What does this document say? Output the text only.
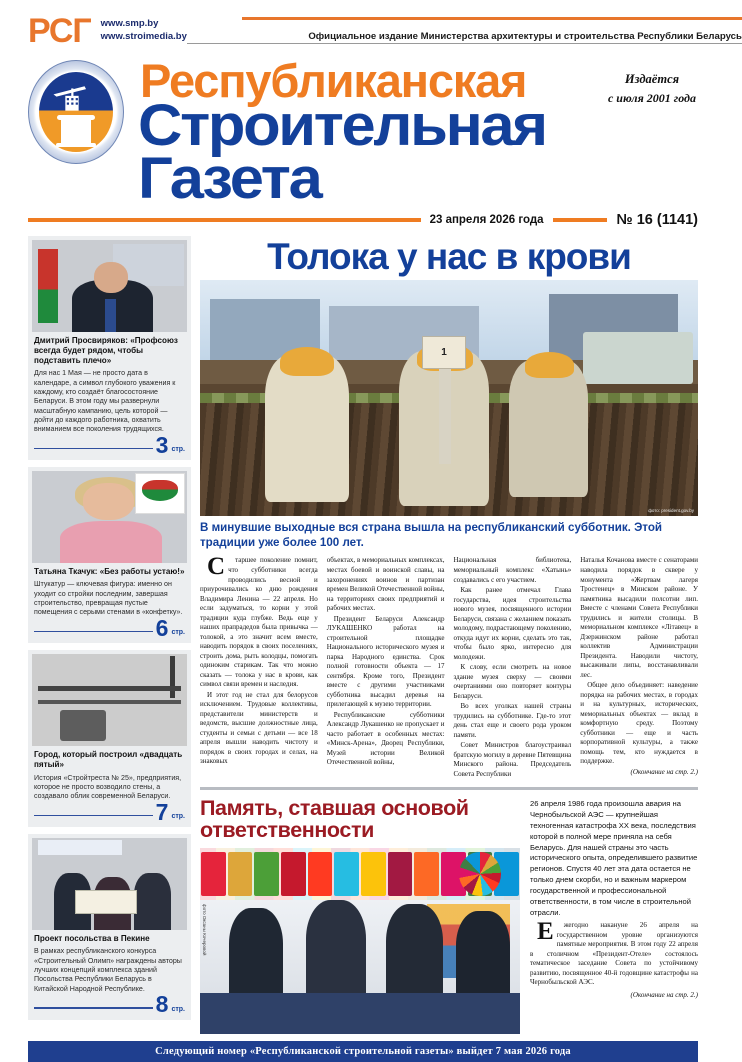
РСГ www.smp.by
www.stroimedia.by	Официальное издание Министерства архитектуры и строительства Республики Беларусь
Республиканская
Строительная Газета
Издаётся
с июля 2001 года
23 апреля 2026 года	№ 16 (1141)
Дмитрий Просвиряков: «Профсоюз всегда будет рядом, чтобы подставить плечо»
Для нас 1 Мая — не просто дата в календаре, а символ глубокого уважения к каждому, кто создаёт благосостояние Беларуси. В этом году мы развернули масштабную кампанию, цель которой — дойти до каждого работника, охватить вниманием все поколения трудящихся.
3 стр.
Татьяна Ткачук: «Без работы устаю!»
Штукатур — ключевая фигура: именно он уходит со стройки последним, завершая строительство, превращая пустые помещения с серыми стенами в «конфетку».
6 стр.
Город, который построил «двадцать пятый»
История «Стройтреста № 25», предприятия, которое не просто возводило стены, а создавало облик современной Беларуси.
7 стр.
Проект посольства в Пекине
В рамках республиканского конкурса «Строительный Олимп» награждены авторы лучших концепций комплекса зданий Посольства Республики Беларусь в Китайской Народной Республике.
8 стр.
Толока у нас в крови
1
фото: president.gov.by
В минувшие выходные вся страна вышла на республиканский субботник. Этой традиции уже более 100 лет.

Старшее поколение помнит, что субботники всегда проводились весной и приурочивались ко дню рождения Владимира Ленина — 22 апреля. Но если задуматься, то корни у этой традиции куда глубже. Ведь еще у наших прапрадедов была привычка — толокой, а это значит всем вместе, наводить порядок в своих поселениях, строить дома, рыть колодцы, помогать одиноким старикам. Так что можно сказать — толока у нас в крови, как символ связи времен и наследия.

И этот год не стал для белорусов исключением. Трудовые коллективы, представители министерств и ведомств, высшие должностные лица, студенты и семьи с детьми — все 18 апреля вышли наводить чистоту и порядок в своих городах и селах, на знаковых

объектах, в мемориальных комплексах, местах боевой и воинской славы, на захоронениях воинов и партизан времен Великой Отечественной войны, на территориях своих предприятий и рабочих местах.

Президент Беларуси Александр ЛУКАШЕНКО работал на строительной площадке Национального исторического музея и парка Народного единства. Срок полной готовности объекта — 17 сентября. Кроме того, Президент вместе с другими участниками субботника высадил деревья на прилегающей к музею территории.

Республиканские субботники Александр Лукашенко не пропускает и часто работает в особенных местах: «Минск-Арена», Дворец Республики, Музей истории Великой Отечественной войны,

Национальная библиотека, мемориальный комплекс «Хатынь» создавались с его участием.

Как ранее отмечал Глава государства, идея строительства нового музея, посвященного истории Беларуси, связана с желанием показать молодому, подрастающему поколению, откуда идут их корни, сделать это так, чтобы было ярко, интересно для молодежи.

К слову, если смотреть на новое здание музея сверху — своими очертаниями оно повторяет контуры Беларуси.

Во всех уголках нашей страны трудились на субботнике. Где-то этот день стал еще и своего рода уроком памяти.

Совет Министров благоустраивал братскую могилу в деревне Пятевщина Минского района. Председатель Совета Республики

Наталья Кочанова вместе с сенаторами наводила порядок в сквере у монумента «Жертвам лагеря Тростенец» в Минском районе. У памятника высадили полсотни лип. Вместе с членами Совета Республики трудились и жители столицы. В мемориальном комплексе «Літавец» в Дзержинском районе работал коллектив Администрации Президента. Наводили чистоту, высаживали липы, восстанавливали лес.

Общее дело объединяет: наведение порядка на рабочих местах, в городах и на культурных, исторических, мемориальных объектах — вклад в комфортную среду. Поэтому субботники — еще и часть корпоративной культуры, а также помощь тем, кто нуждается в поддержке.

(Окончание на стр. 2.)

Память, ставшая основой ответственности
фото Оксаны Кочеровой

26 апреля 1986 года произошла авария на Чернобыльской АЭС — крупнейшая техногенная катастрофа XX века, последствия которой в полной мере приняла на себя Беларусь. Для нашей страны это часть исторического опыта, определившего развитие регионов. Спустя 40 лет эта дата остается не только днем скорби, но и важным маркером государственной и профессиональной ответственности, в том числе в строительной отрасли.

Ежегодно накануне 26 апреля на государственном уровне организуются памятные мероприятия. В этом году 22 апреля в столичном «Президент-Отеле» состоялось тематическое заседание Совета по устойчивому развитию, посвященное 40-й годовщине катастрофы на Чернобыльской АЭС.

(Окончание на стр. 2.)

Следующий номер «Республиканской строительной газеты» выйдет 7 мая 2026 года
